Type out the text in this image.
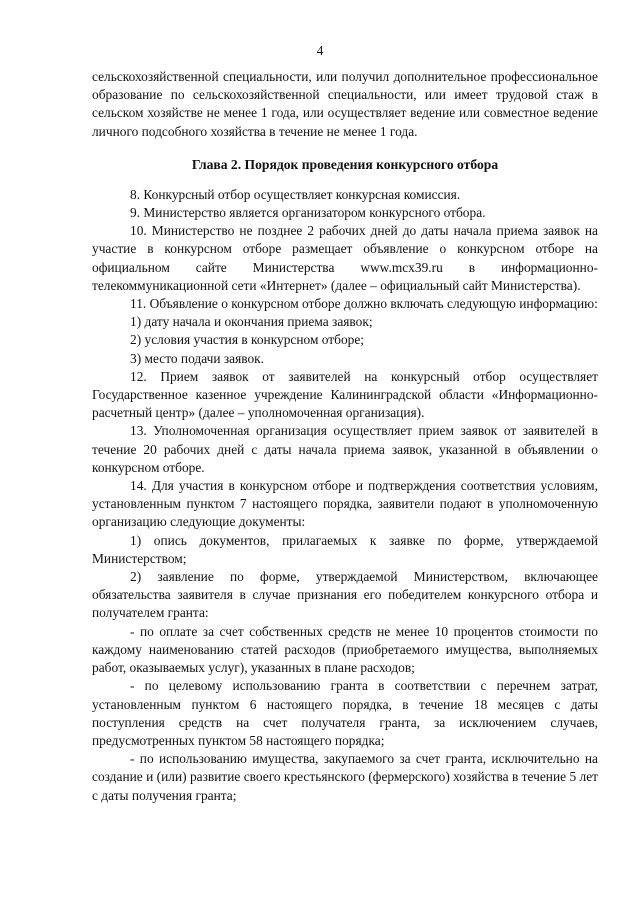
4

сельскохозяйственной специальности, или получил дополнительное профессиональное образование по сельскохозяйственной специальности, или имеет трудовой стаж в сельском хозяйстве не менее 1 года, или осуществляет ведение или совместное ведение личного подсобного хозяйства в течение не менее 1 года.

Глава 2. Порядок проведения конкурсного отбора

8. Конкурсный отбор осуществляет конкурсная комиссия.

9. Министерство является организатором конкурсного отбора.

10. Министерство не позднее 2 рабочих дней до даты начала приема заявок на участие в конкурсном отборе размещает объявление о конкурсном отборе на официальном сайте Министерства www.mcx39.ru в информационно-телекоммуникационной сети «Интернет» (далее – официальный сайт Министерства).

11. Объявление о конкурсном отборе должно включать следующую информацию:

1) дату начала и окончания приема заявок;

2) условия участия в конкурсном отборе;

3) место подачи заявок.

12. Прием заявок от заявителей на конкурсный отбор осуществляет Государственное казенное учреждение Калининградской области «Информационно-расчетный центр» (далее – уполномоченная организация).

13. Уполномоченная организация осуществляет прием заявок от заявителей в течение 20 рабочих дней с даты начала приема заявок, указанной в объявлении о конкурсном отборе.

14. Для участия в конкурсном отборе и подтверждения соответствия условиям, установленным пунктом 7 настоящего порядка, заявители подают в уполномоченную организацию следующие документы:

1) опись документов, прилагаемых к заявке по форме, утверждаемой Министерством;

2) заявление по форме, утверждаемой Министерством, включающее обязательства заявителя в случае признания его победителем конкурсного отбора и получателем гранта:

- по оплате за счет собственных средств не менее 10 процентов стоимости по каждому наименованию статей расходов (приобретаемого имущества, выполняемых работ, оказываемых услуг), указанных в плане расходов;

- по целевому использованию гранта в соответствии с перечнем затрат, установленным пунктом 6 настоящего порядка, в течение 18 месяцев с даты поступления средств на счет получателя гранта, за исключением случаев, предусмотренных пунктом 58 настоящего порядка;

- по использованию имущества, закупаемого за счет гранта, исключительно на создание и (или) развитие своего крестьянского (фермерского) хозяйства в течение 5 лет с даты получения гранта;
